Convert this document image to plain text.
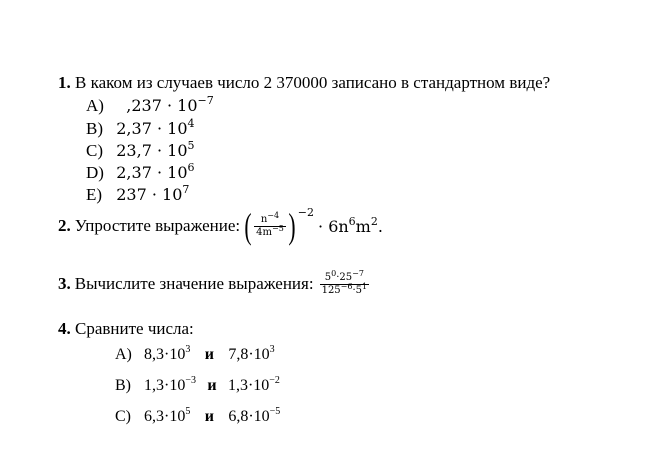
1. В каком из случаев число 2 370000 записано в стандартном виде?
A) $,237 \cdot 10^{-7}$
B) $2,37 \cdot 10^4$
C) $23,7 \cdot 10^5$
D) $2,37 \cdot 10^6$
E) $237 \cdot 10^7$
2. Упростите выражение: ( $\frac{n^{-4}}{4m^{-5}}$ ) −2
· $6n^6m^2$.
3. Вычислите значение выражения: $\frac{5^0\cdot 25^{-7}}{125^{-6}\cdot 5^1}$
4. Сравните числа:
A) $8,3\cdot 10^3$ и $7,8\cdot 10^3$
B) $1,3\cdot 10^{-3}$ и $1,3\cdot 10^{-2}$
C) $6,3\cdot 10^5$ и $6,8\cdot 10^{-5}$
